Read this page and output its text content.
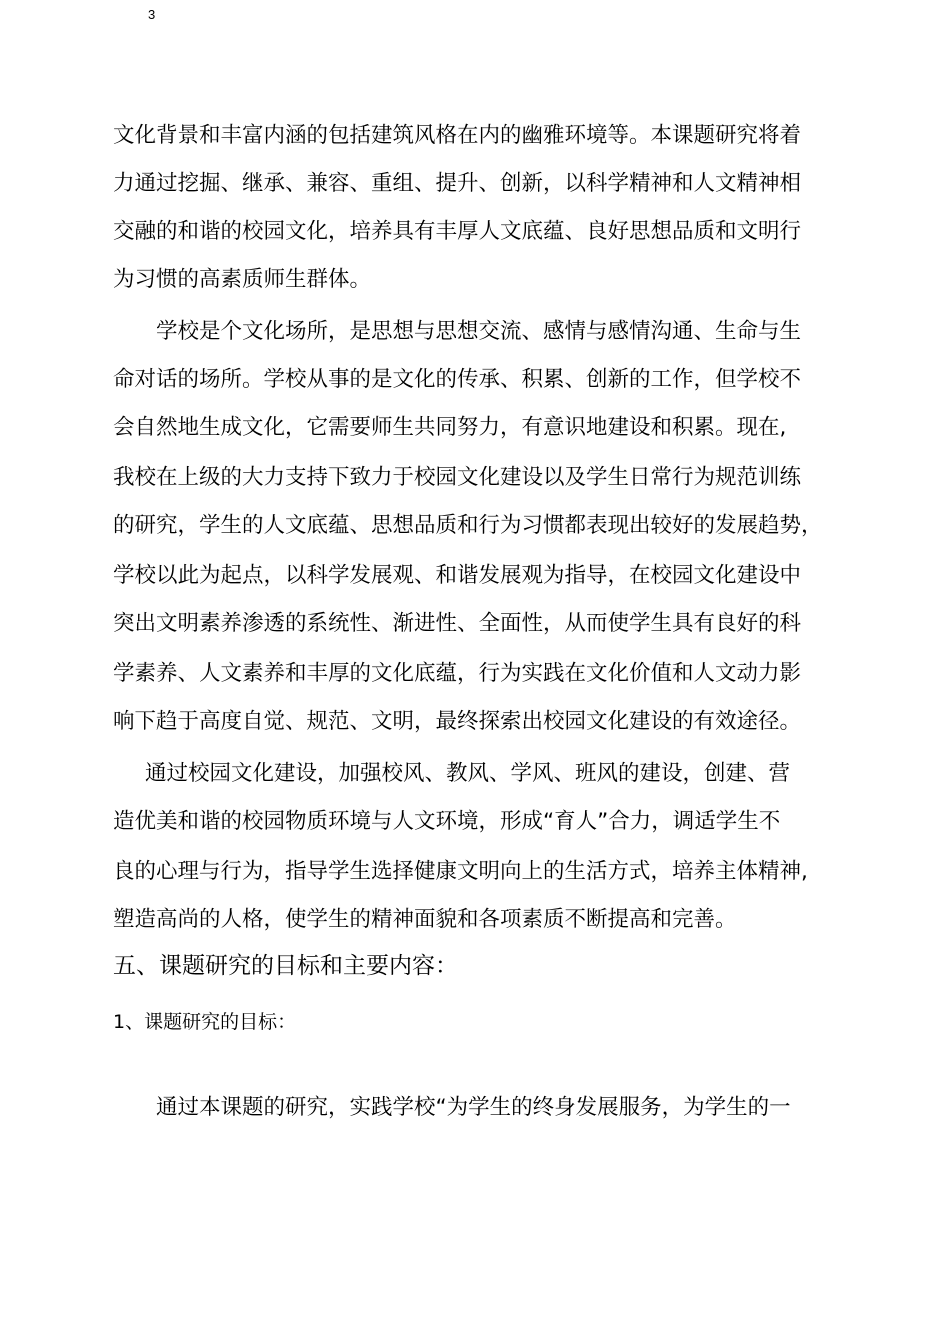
3
文化背景和丰富内涵的包括建筑风格在内的幽雅环境等。本课题研究将着
力通过挖掘、继承、兼容、重组、提升、创新，以科学精神和人文精神相
交融的和谐的校园文化，培养具有丰厚人文底蕴、良好思想品质和文明行
为习惯的高素质师生群体。
学校是个文化场所，是思想与思想交流、感情与感情沟通、生命与生
命对话的场所。学校从事的是文化的传承、积累、创新的工作，但学校不
会自然地生成文化，它需要师生共同努力，有意识地建设和积累。现在,
我校在上级的大力支持下致力于校园文化建设以及学生日常行为规范训练
的研究，学生的人文底蕴、思想品质和行为习惯都表现出较好的发展趋势，
学校以此为起点，以科学发展观、和谐发展观为指导，在校园文化建设中
突出文明素养渗透的系统性、渐进性、全面性，从而使学生具有良好的科
学素养、人文素养和丰厚的文化底蕴，行为实践在文化价值和人文动力影
响下趋于高度自觉、规范、文明，最终探索出校园文化建设的有效途径。
通过校园文化建设，加强校风、教风、学风、班风的建设，创建、营
造优美和谐的校园物质环境与人文环境，形成“育人”合力，调适学生不
良的心理与行为，指导学生选择健康文明向上的生活方式，培养主体精神,
塑造高尚的人格，使学生的精神面貌和各项素质不断提高和完善。
五、课题研究的目标和主要内容：
1、课题研究的目标：
通过本课题的研究，实践学校“为学生的终身发展服务，为学生的一
